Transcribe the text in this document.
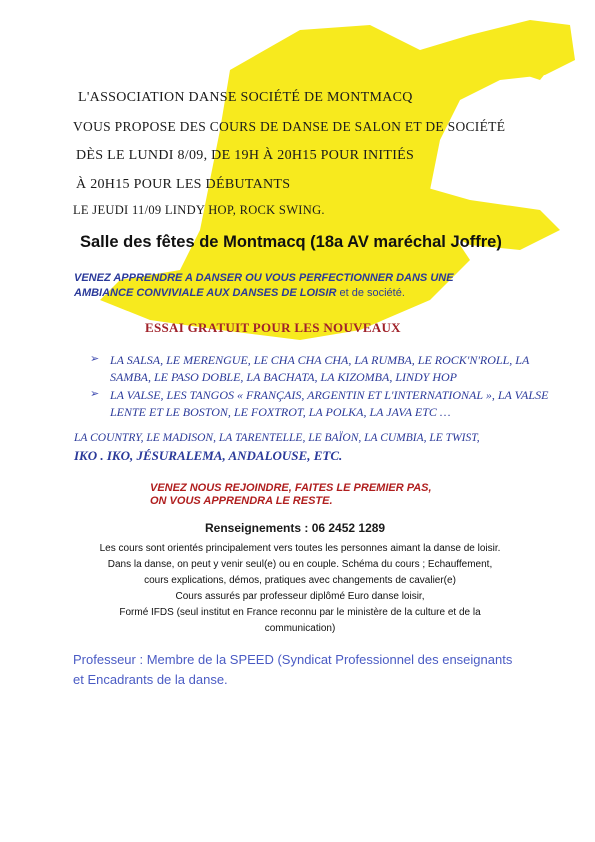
L'ASSOCIATION DANSE SOCIÉTÉ DE MONTMACQ
VOUS PROPOSE DES COURS DE DANSE DE SALON ET DE SOCIÉTÉ
DÈS LE LUNDI 8/09, DE 19H À 20H15 POUR INITIÉS
À 20H15 POUR LES DÉBUTANTS
LE JEUDI 11/09 LINDY HOP, ROCK SWING.
Salle des fêtes de Montmacq (18a AV maréchal Joffre)
VENEZ APPRENDRE A DANSER OU VOUS PERFECTIONNER DANS UNE
AMBIANCE CONVIVIALE AUX DANSES DE LOISIR et de société.
ESSAI GRATUIT POUR LES NOUVEAUX
➢ LA SALSA, LE MERENGUE, LE CHA CHA CHA, LA RUMBA, LE ROCK'N'ROLL, LA SAMBA, LE PASO DOBLE, LA BACHATA, LA KIZOMBA, LINDY HOP
➢ LA VALSE, LES TANGOS « FRANÇAIS, ARGENTIN ET L'INTERNATIONAL », LA VALSE LENTE ET LE BOSTON, LE FOXTROT, LA POLKA, LA JAVA ETC …
LA COUNTRY, LE MADISON, LA TARENTELLE, LE BAÏON, LA CUMBIA, LE TWIST,
IKO . IKO, JÉSURALEMA, ANDALOUSE, ETC.
VENEZ NOUS REJOINDRE, FAITES LE PREMIER PAS,
ON VOUS APPRENDRA LE RESTE.
Renseignements : 06 2452 1289
Les cours sont orientés principalement vers toutes les personnes aimant la danse de loisir.
Dans la danse, on peut y venir seul(e) ou en couple. Schéma du cours ; Echauffement,
cours explications, démos, pratiques avec changements de cavalier(e)
Cours assurés par professeur diplômé Euro danse loisir,
Formé IFDS (seul institut en France reconnu par le ministère de la culture et de la
communication)
Professeur : Membre de la SPEED (Syndicat Professionnel des enseignants et Encadrants de la danse.
